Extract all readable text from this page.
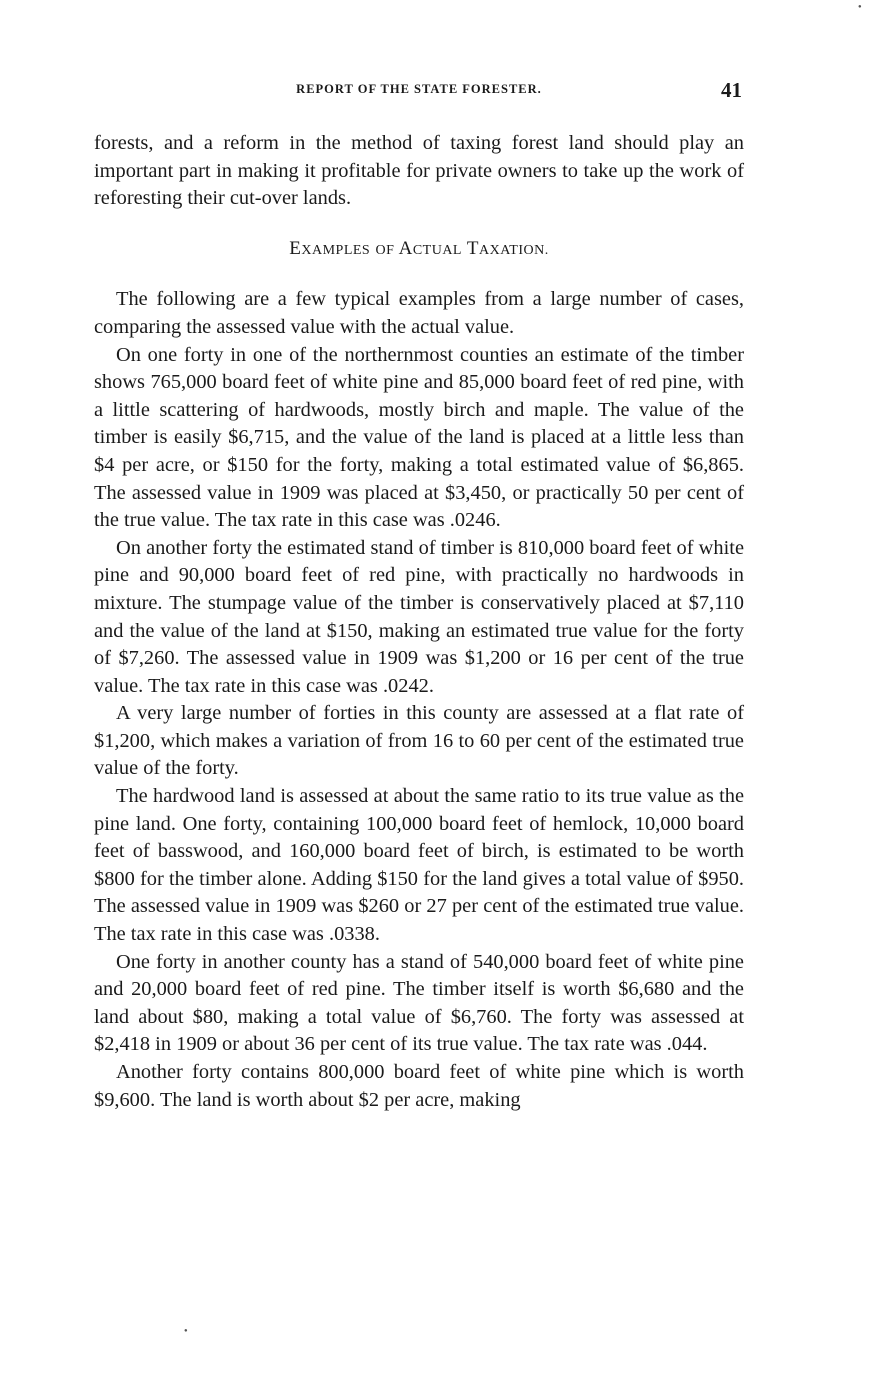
REPORT OF THE STATE FORESTER.	41

forests, and a reform in the method of taxing forest land should play an important part in making it profitable for private owners to take up the work of reforesting their cut-over lands.

EXAMPLES OF ACTUAL TAXATION.

The following are a few typical examples from a large number of cases, comparing the assessed value with the actual value.

On one forty in one of the northernmost counties an estimate of the timber shows 765,000 board feet of white pine and 85,000 board feet of red pine, with a little scattering of hardwoods, mostly birch and maple. The value of the timber is easily $6,715, and the value of the land is placed at a little less than $4 per acre, or $150 for the forty, making a total estimated value of $6,865. The assessed value in 1909 was placed at $3,450, or practically 50 per cent of the true value. The tax rate in this case was .0246.

On another forty the estimated stand of timber is 810,000 board feet of white pine and 90,000 board feet of red pine, with practically no hardwoods in mixture. The stumpage value of the timber is conservatively placed at $7,110 and the value of the land at $150, making an estimated true value for the forty of $7,260. The assessed value in 1909 was $1,200 or 16 per cent of the true value. The tax rate in this case was .0242.

A very large number of forties in this county are assessed at a flat rate of $1,200, which makes a variation of from 16 to 60 per cent of the estimated true value of the forty.

The hardwood land is assessed at about the same ratio to its true value as the pine land. One forty, containing 100,000 board feet of hemlock, 10,000 board feet of basswood, and 160,000 board feet of birch, is estimated to be worth $800 for the timber alone. Adding $150 for the land gives a total value of $950. The assessed value in 1909 was $260 or 27 per cent of the estimated true value. The tax rate in this case was .0338.

One forty in another county has a stand of 540,000 board feet of white pine and 20,000 board feet of red pine. The timber itself is worth $6,680 and the land about $80, making a total value of $6,760. The forty was assessed at $2,418 in 1909 or about 36 per cent of its true value. The tax rate was .044.

Another forty contains 800,000 board feet of white pine which is worth $9,600. The land is worth about $2 per acre, making

●
●
